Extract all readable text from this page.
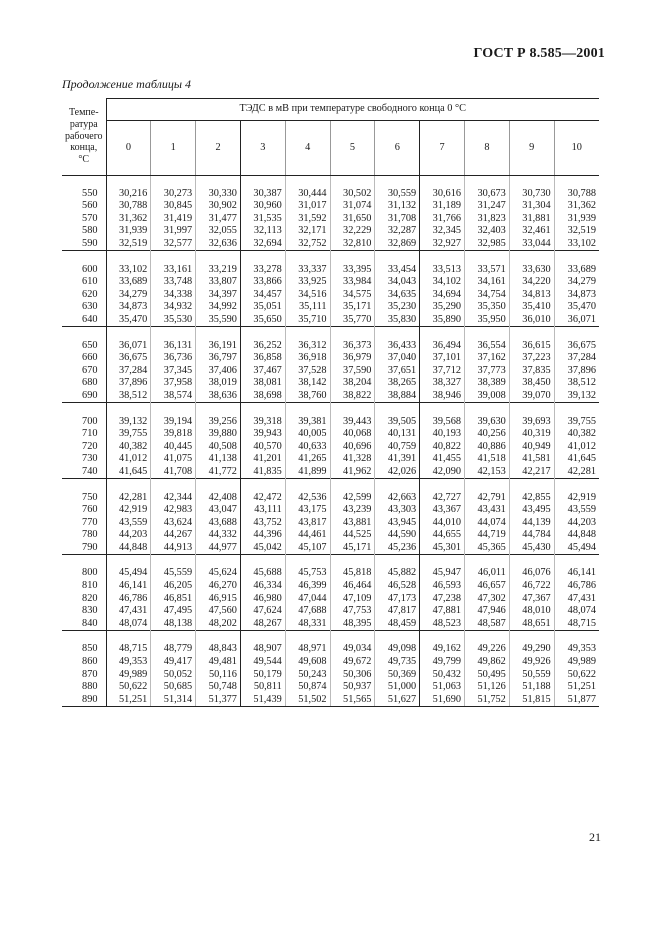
ГОСТ Р 8.585—2001
Продолжение таблицы 4
Темпе-
ратура
рабочего
конца,
°С	ТЭДС в мВ при температуре свободного конца 0 °С										
	0	1	2	3	4	5	6	7	8	9	10

550	30,216	30,273	30,330	30,387	30,444	30,502	30,559	30,616	30,673	30,730	30,788
560	30,788	30,845	30,902	30,960	31,017	31,074	31,132	31,189	31,247	31,304	31,362
570	31,362	31,419	31,477	31,535	31,592	31,650	31,708	31,766	31,823	31,881	31,939
580	31,939	31,997	32,055	32,113	32,171	32,229	32,287	32,345	32,403	32,461	32,519
590	32,519	32,577	32,636	32,694	32,752	32,810	32,869	32,927	32,985	33,044	33,102

600	33,102	33,161	33,219	33,278	33,337	33,395	33,454	33,513	33,571	33,630	33,689
610	33,689	33,748	33,807	33,866	33,925	33,984	34,043	34,102	34,161	34,220	34,279
620	34,279	34,338	34,397	34,457	34,516	34,575	34,635	34,694	34,754	34,813	34,873
630	34,873	34,932	34,992	35,051	35,111	35,171	35,230	35,290	35,350	35,410	35,470
640	35,470	35,530	35,590	35,650	35,710	35,770	35,830	35,890	35,950	36,010	36,071

650	36,071	36,131	36,191	36,252	36,312	36,373	36,433	36,494	36,554	36,615	36,675
660	36,675	36,736	36,797	36,858	36,918	36,979	37,040	37,101	37,162	37,223	37,284
670	37,284	37,345	37,406	37,467	37,528	37,590	37,651	37,712	37,773	37,835	37,896
680	37,896	37,958	38,019	38,081	38,142	38,204	38,265	38,327	38,389	38,450	38,512
690	38,512	38,574	38,636	38,698	38,760	38,822	38,884	38,946	39,008	39,070	39,132

700	39,132	39,194	39,256	39,318	39,381	39,443	39,505	39,568	39,630	39,693	39,755
710	39,755	39,818	39,880	39,943	40,005	40,068	40,131	40,193	40,256	40,319	40,382
720	40,382	40,445	40,508	40,570	40,633	40,696	40,759	40,822	40,886	40,949	41,012
730	41,012	41,075	41,138	41,201	41,265	41,328	41,391	41,455	41,518	41,581	41,645
740	41,645	41,708	41,772	41,835	41,899	41,962	42,026	42,090	42,153	42,217	42,281

750	42,281	42,344	42,408	42,472	42,536	42,599	42,663	42,727	42,791	42,855	42,919
760	42,919	42,983	43,047	43,111	43,175	43,239	43,303	43,367	43,431	43,495	43,559
770	43,559	43,624	43,688	43,752	43,817	43,881	43,945	44,010	44,074	44,139	44,203
780	44,203	44,267	44,332	44,396	44,461	44,525	44,590	44,655	44,719	44,784	44,848
790	44,848	44,913	44,977	45,042	45,107	45,171	45,236	45,301	45,365	45,430	45,494

800	45,494	45,559	45,624	45,688	45,753	45,818	45,882	45,947	46,011	46,076	46,141
810	46,141	46,205	46,270	46,334	46,399	46,464	46,528	46,593	46,657	46,722	46,786
820	46,786	46,851	46,915	46,980	47,044	47,109	47,173	47,238	47,302	47,367	47,431
830	47,431	47,495	47,560	47,624	47,688	47,753	47,817	47,881	47,946	48,010	48,074
840	48,074	48,138	48,202	48,267	48,331	48,395	48,459	48,523	48,587	48,651	48,715

850	48,715	48,779	48,843	48,907	48,971	49,034	49,098	49,162	49,226	49,290	49,353
860	49,353	49,417	49,481	49,544	49,608	49,672	49,735	49,799	49,862	49,926	49,989
870	49,989	50,052	50,116	50,179	50,243	50,306	50,369	50,432	50,495	50,559	50,622
880	50,622	50,685	50,748	50,811	50,874	50,937	51,000	51,063	51,126	51,188	51,251
890	51,251	51,314	51,377	51,439	51,502	51,565	51,627	51,690	51,752	51,815	51,877
21
